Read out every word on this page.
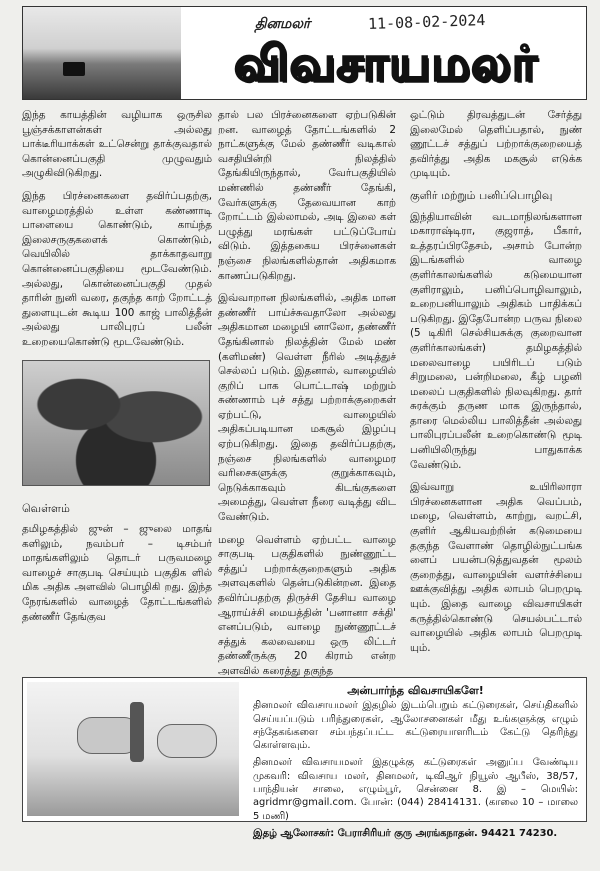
தினமலர்	11-08-02-2024
விவசாயமலர்

இந்த காயத்தின் வழியாக ஒருசில பூஞ்சக்காளன்கள் அல்லது பாக்டீரியாக்கள் உட்சென்று தாக்குவதால் கொன்னைப்பகுதி முழுவதும் அழுகிவிடுகிறது.

இந்த பிரச்னைகளை தவிர்ப்பதற்கு, வாழைமரத்தில் உள்ள கண்ணாடி பாளையை கொண்டும், காய்ந்த இலைசருகுகளைக் கொண்டும், வெயிலில் தாக்காதவாறு கொன்னைப்பகுதியை மூடவேண்டும். அல்லது, கொன்னைப்பகுதி முதல் தாரின் நுனி வரை, தகுந்த காற் றோட்டத் துளையுடன் கூடிய 100 காஜ் பாலித்தீன் அல்லது பாலிபுரப் பலீன் உறையைகொண்டு மூடவேண்டும்.

வெள்ளம்

தமிழகத்தில் ஜுன் – ஜுலை மாதங் களிலும், நவம்பர் – டிசம்பர் மாதங்களிலும் தொடர் பருவமழை வாழைச் சாகுபடி செய்யும் பகுதிக ளில் மிக அதிக அளவில் பொழிகி றது. இந்த நேரங்களில் வாழைத் தோட்டங்களில் தண்ணீர் தேங்குவ

தால் பல பிரச்னைகளை ஏற்படுகின் றன. வாழைத் தோட்டங்களில் 2 நாட்களுக்கு மேல் தண்ணீர் வடிகால் வசதியின்றி நிலத்தில் தேங்கியிருந்தால், வேர்பகுதியில் மண்ணில் தண்ணீர் தேங்கி, வேர்களுக்கு தேவையான காற் றோட்டம் இல்லாமல், அடி இலை கள் பழுத்து மரங்கள் பட்டுப்போய் விடும். இத்தகைய பிரச்னைகள் நஞ்சை நிலங்களில்தான் அதிகமாக காணப்படுகிறது.

இவ்வாறான நிலங்களில், அதிக மான தண்ணீர் பாய்ச்சுவதாலோ அல்லது அதிகமான மழையி னாலோ, தண்ணீர் தேங்கினால் நிலத்தின் மேல் மண் (களிமண்) வெள்ள நீரில் அடித்துச் செல்லப் படும். இதனால், வாழையில் குறிப் பாக பொட்டாஷ் மற்றும் சுண்ணாம் புச் சத்து பற்றாக்குறைகள் ஏற்பட்டு, வாழையில் அதிகப்படியான மகசூல் இழப்பு ஏற்படுகிறது. இதை தவிர்ப்பதற்கு, நஞ்சை நிலங்களில் வாழைமர வரிசைகளுக்கு குறுக்காகவும், நெடுக்காகவும் கிடங்குகளை அமைத்து, வெள்ள நீரை வடித்து விட வேண்டும்.

மழை வெள்ளம் ஏற்பட்ட வாழை சாகுபடி பகுதிகளில் நுண்ணூட்ட சத்துப் பற்றாக்குறைகளும் அதிக அளவுகளில் தென்படுகின்றன. இதை தவிர்ப்பதற்கு திருச்சி தேசிய வாழை ஆராய்ச்சி மையத்தின் 'பனானா சக்தி' எனப்படும், வாழை நுண்ணூட்டச் சத்துக் கலவையை ஒரு லிட்டர் தண்ணீருக்கு 20 கிராம் என்ற அளவில் கரைத்து தகுந்த

ஒட்டும் திரவத்துடன் சேர்த்து இலைமேல் தெளிப்பதால், நுண் ணூட்டச் சத்துப் பற்றாக்குறையைத் தவிர்த்து அதிக மகசூல் எடுக்க முடியும்.

குளிர் மற்றும் பனிப்பொழிவு

இந்தியாவின் வடமாநிலங்களான மகாராஷ்டிரா, குஜராத், பீகார், உத்தரப்பிரதேசம், அசாம் போன்ற இடங்களில் வாழை குளிர்காலங்களில் கடுமையான குளிராலும், பனிப்பொழிவாலும், உறைபனியாலும் அதிகம் பாதிக்கப் படுகிறது. இதேபோன்ற பருவ நிலை (5 டிகிரி செல்சியசுக்கு குறைவான குளிர்காலங்கள்) தமிழகத்தில் மலைவாழை பயிரிடப் படும் சிறுமலை, பன்றிமலை, கீழ் பழனி மலைப் பகுதிகளில் நிலவுகிறது. தார் சுரக்கும் தருண மாக இருந்தால், தாரை மெல்லிய பாலித்தீன் அல்லது பாலிபுரப்பலீன் உறைகொண்டு மூடி பனியிலிருந்து பாதுகாக்க வேண்டும்.

இவ்வாறு உயிரிலாரா பிரச்னைகளான அதிக வெப்பம், மழை, வெள்ளம், காற்று, வறட்சி, குளிர் ஆகியவற்றின் கடுமையை தகுந்த வேளாண் தொழில்நுட்பங்க ளைப் பயன்படுத்துவதன் மூலம் குறைத்து, வாழையின் வளர்ச்சியை ஊக்குவித்து அதிக லாபம் பெறமுடி யும். இதை வாழை விவசாயிகள் கருத்தில்கொண்டு செயல்பட்டால் வாழையில் அதிக லாபம் பெறமுடி யும்.

அன்பார்ந்த விவசாயிகளே!

தினமலர் விவசாயமலர் இதழில் இடம்பெறும் கட்டுரைகள், செய்திகளில் செய்யப்படும் பரிந்துரைகள், ஆலோசனைகள் மீது உங்களுக்கு எழும் சந்தேகங்களை சம்பந்தப்பட்ட கட்டுரையாளரிடம் கேட்டு தெரிந்து கொள்ளவும்.

தினமலர் விவசாயமலர் இதழுக்கு கட்டுரைகள் அனுப்ப வேண்டிய முகவரி: விவசாய மலர், தினமலர், டிவிஆர் நியூஸ் ஆபீஸ், 38/57, பாந்தியன் சாலை, எழும்பூர், சென்னை 8. இ – மெயில்: agridmr@gmail.com. போன்: (044) 28414131. (காலை 10 – மாலை 5 மணி)

இதழ் ஆலோசகர்: பேராசிரியர் குரு அரங்கநாதன். 94421 74230.
